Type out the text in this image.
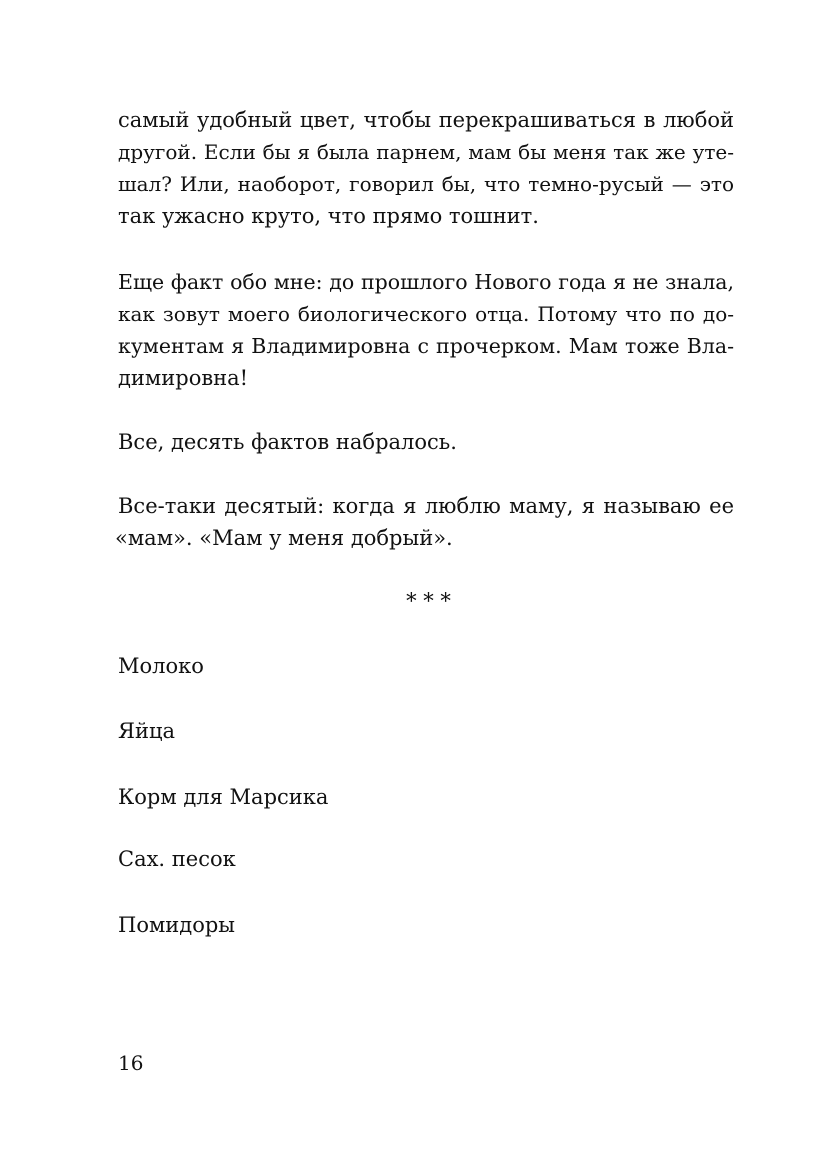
самый удобный цвет, чтобы перекрашиваться в любой
другой. Если бы я была парнем, мам бы меня так же уте-
шал? Или, наоборот, говорил бы, что темно-русый — это
так ужасно круто, что прямо тошнит.
Еще факт обо мне: до прошлого Нового года я не знала,
как зовут моего биологического отца. Потому что по до-
кументам я Владимировна с прочерком. Мам тоже Вла-
димировна!
Все, десять фактов набралось.
Все-таки десятый: когда я люблю маму, я называю ее
«мам». «Мам у меня добрый».
* * *
Молоко
Яйца
Корм для Марсика
Сах. песок
Помидоры
16
